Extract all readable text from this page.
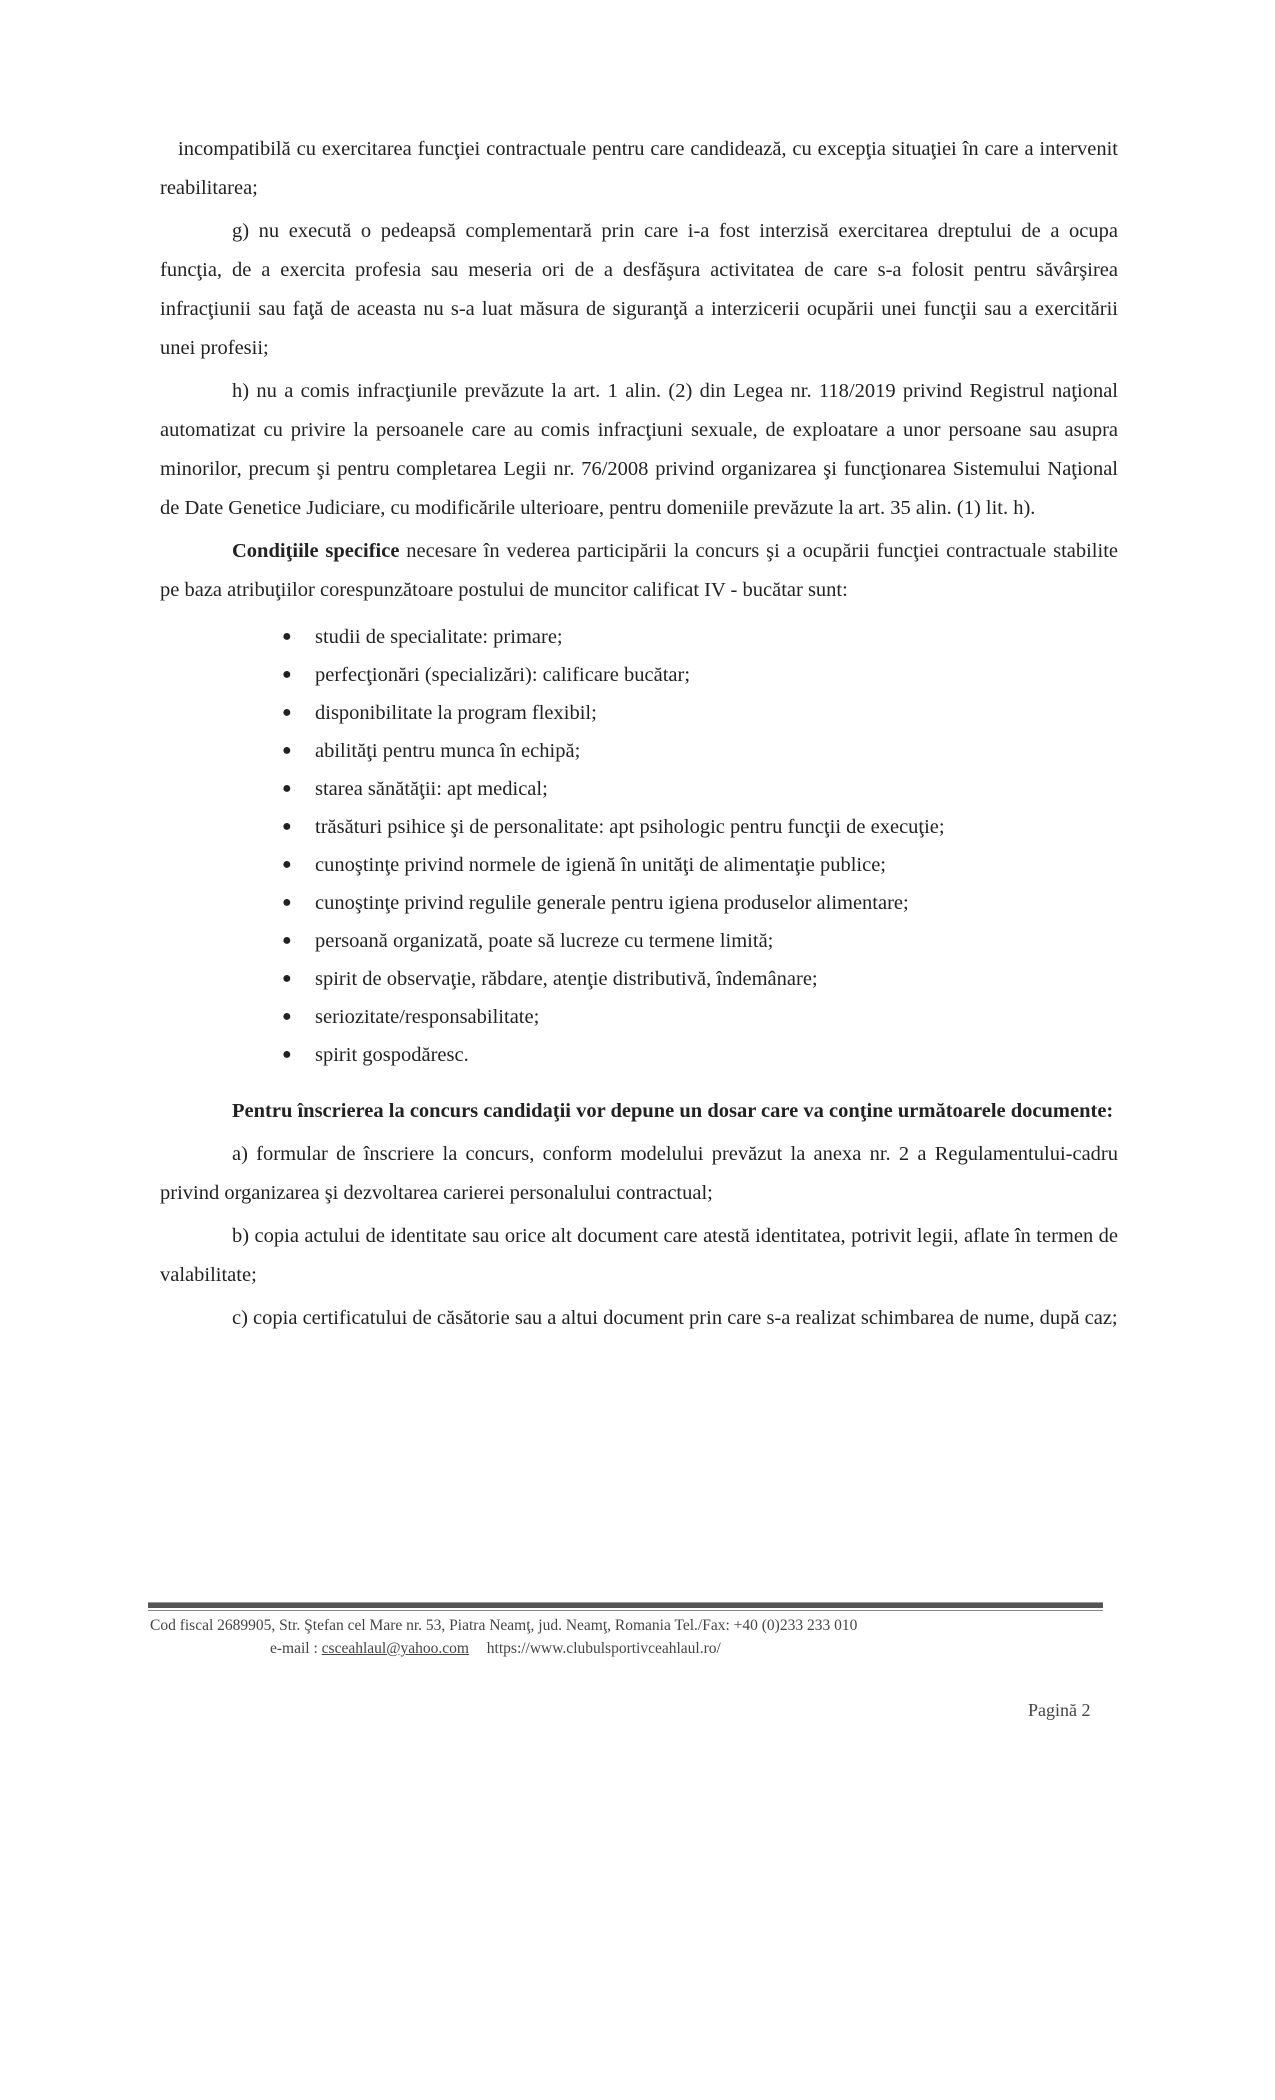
incompatibilă cu exercitarea funcţiei contractuale pentru care candidează, cu excepţia situaţiei în care a intervenit reabilitarea;

g) nu execută o pedeapsă complementară prin care i-a fost interzisă exercitarea dreptului de a ocupa funcţia, de a exercita profesia sau meseria ori de a desfăşura activitatea de care s-a folosit pentru săvârşirea infracţiunii sau faţă de aceasta nu s-a luat măsura de siguranţă a interzicerii ocupării unei funcţii sau a exercitării unei profesii;

h) nu a comis infracţiunile prevăzute la art. 1 alin. (2) din Legea nr. 118/2019 privind Registrul naţional automatizat cu privire la persoanele care au comis infracţiuni sexuale, de exploatare a unor persoane sau asupra minorilor, precum şi pentru completarea Legii nr. 76/2008 privind organizarea şi funcţionarea Sistemului Naţional de Date Genetice Judiciare, cu modificările ulterioare, pentru domeniile prevăzute la art. 35 alin. (1) lit. h).

Condiţiile specifice necesare în vederea participării la concurs şi a ocupării funcţiei contractuale stabilite pe baza atribuţiilor corespunzătoare postului de muncitor calificat IV - bucătar sunt:

● studii de specialitate: primare;
● perfecţionări (specializări): calificare bucătar;
● disponibilitate la program flexibil;
● abilităţi pentru munca în echipă;
● starea sănătăţii: apt medical;
● trăsături psihice şi de personalitate: apt psihologic pentru funcţii de execuţie;
● cunoştinţe privind normele de igienă în unităţi de alimentaţie publice;
● cunoştinţe privind regulile generale pentru igiena produselor alimentare;
● persoană organizată, poate să lucreze cu termene limită;
● spirit de observaţie, răbdare, atenţie distributivă, îndemânare;
● seriozitate/responsabilitate;
● spirit gospodăresc.

Pentru înscrierea la concurs candidaţii vor depune un dosar care va conţine următoarele documente:

a) formular de înscriere la concurs, conform modelului prevăzut la anexa nr. 2 a Regulamentului-cadru privind organizarea şi dezvoltarea carierei personalului contractual;

b) copia actului de identitate sau orice alt document care atestă identitatea, potrivit legii, aflate în termen de valabilitate;

c) copia certificatului de căsătorie sau a altui document prin care s-a realizat schimbarea de nume, după caz;

Cod fiscal 2689905, Str. Ştefan cel Mare nr. 53, Piatra Neamţ, jud. Neamţ, Romania Tel./Fax: +40 (0)233 233 010
e-mail : csceahlaul@yahoo.com https://www.clubulsportivceahlaul.ro/
Pagină 2
